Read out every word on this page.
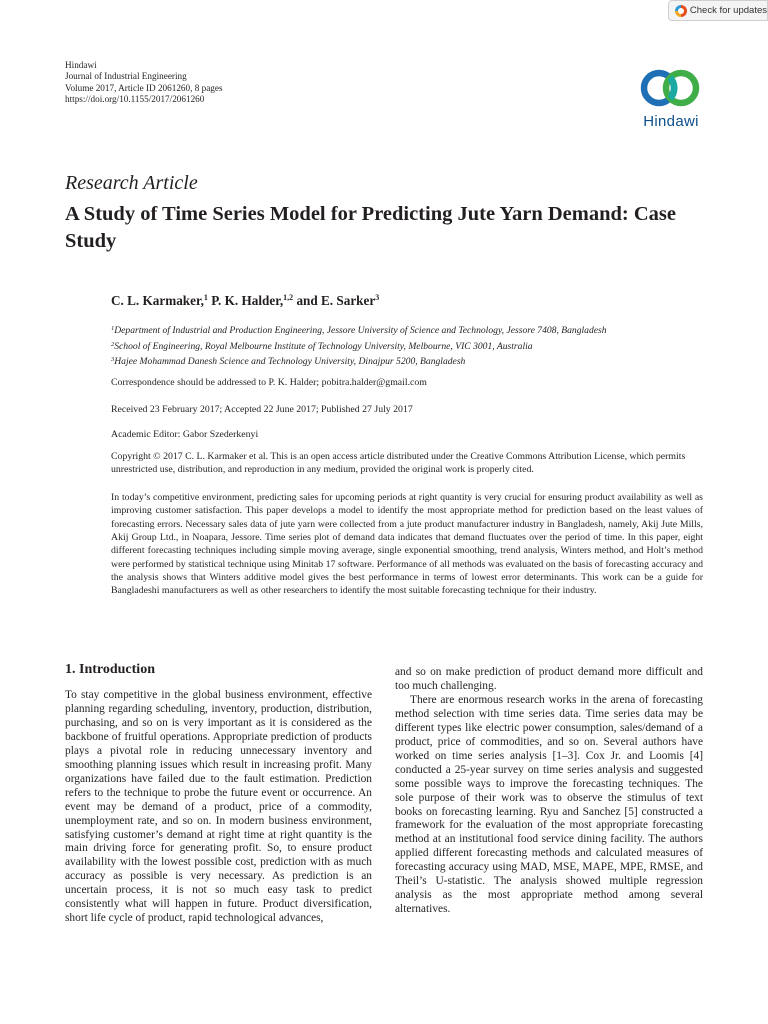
Check for updates
Hindawi
Journal of Industrial Engineering
Volume 2017, Article ID 2061260, 8 pages
https://doi.org/10.1155/2017/2061260
Hindawi
Research Article
A Study of Time Series Model for Predicting Jute Yarn Demand: Case Study
C. L. Karmaker,$^1$ P. K. Halder,$^{1,2}$ and E. Sarker$^3$
$^1$Department of Industrial and Production Engineering, Jessore University of Science and Technology, Jessore 7408, Bangladesh
$^2$School of Engineering, Royal Melbourne Institute of Technology University, Melbourne, VIC 3001, Australia
$^3$Hajee Mohammad Danesh Science and Technology University, Dinajpur 5200, Bangladesh
Correspondence should be addressed to P. K. Halder; pobitra.halder@gmail.com
Received 23 February 2017; Accepted 22 June 2017; Published 27 July 2017
Academic Editor: Gabor Szederkenyi
Copyright © 2017 C. L. Karmaker et al. This is an open access article distributed under the Creative Commons Attribution License, which permits unrestricted use, distribution, and reproduction in any medium, provided the original work is properly cited.
In today’s competitive environment, predicting sales for upcoming periods at right quantity is very crucial for ensuring product availability as well as improving customer satisfaction. This paper develops a model to identify the most appropriate method for prediction based on the least values of forecasting errors. Necessary sales data of jute yarn were collected from a jute product manufacturer industry in Bangladesh, namely, Akij Jute Mills, Akij Group Ltd., in Noapara, Jessore. Time series plot of demand data indicates that demand fluctuates over the period of time. In this paper, eight different forecasting techniques including simple moving average, single exponential smoothing, trend analysis, Winters method, and Holt’s method were performed by statistical technique using Minitab 17 software. Performance of all methods was evaluated on the basis of forecasting accuracy and the analysis shows that Winters additive model gives the best performance in terms of lowest error determinants. This work can be a guide for Bangladeshi manufacturers as well as other researchers to identify the most suitable forecasting technique for their industry.
1. Introduction

To stay competitive in the global business environment, effective planning regarding scheduling, inventory, production, distribution, purchasing, and so on is very important as it is considered as the backbone of fruitful operations. Appropriate prediction of products plays a pivotal role in reducing unnecessary inventory and smoothing planning issues which result in increasing profit. Many organizations have failed due to the fault estimation. Prediction refers to the technique to probe the future event or occurrence. An event may be demand of a product, price of a commodity, unemployment rate, and so on. In modern business environment, satisfying customer’s demand at right time at right quantity is the main driving force for generating profit. So, to ensure product availability with the lowest possible cost, prediction with as much accuracy as possible is very necessary. As prediction is an uncertain process, it is not so much easy task to predict consistently what will happen in future. Product diversification, short life cycle of product, rapid technological advances,

and so on make prediction of product demand more difficult and too much challenging.

There are enormous research works in the arena of forecasting method selection with time series data. Time series data may be different types like electric power consumption, sales/demand of a product, price of commodities, and so on. Several authors have worked on time series analysis [1–3]. Cox Jr. and Loomis [4] conducted a 25-year survey on time series analysis and suggested some possible ways to improve the forecasting techniques. The sole purpose of their work was to observe the stimulus of text books on forecasting learning. Ryu and Sanchez [5] constructed a framework for the evaluation of the most appropriate forecasting method at an institutional food service dining facility. The authors applied different forecasting methods and calculated measures of forecasting accuracy using MAD, MSE, MAPE, MPE, RMSE, and Theil’s U-statistic. The analysis showed multiple regression analysis as the most appropriate method among several alternatives.
